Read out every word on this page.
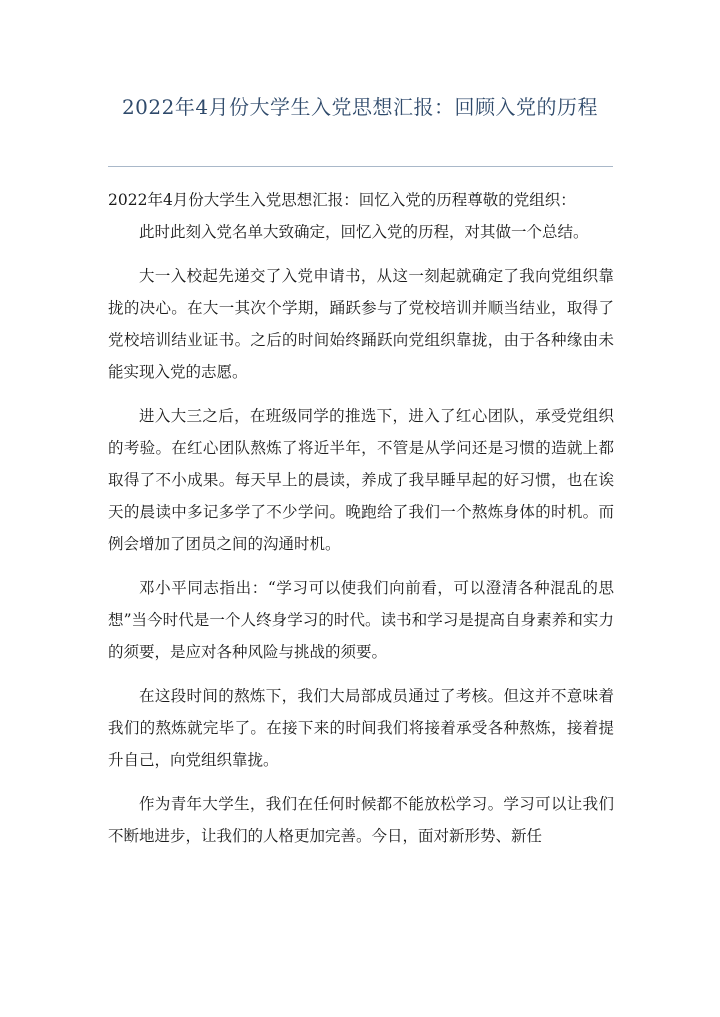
2022年4月份大学生入党思想汇报：回顾入党的历程

2022年4月份大学生入党思想汇报：回忆入党的历程尊敬的党组织：

此时此刻入党名单大致确定，回忆入党的历程，对其做一个总结。

大一入校起先递交了入党申请书，从这一刻起就确定了我向党组织靠拢的决心。在大一其次个学期，踊跃参与了党校培训并顺当结业，取得了党校培训结业证书。之后的时间始终踊跃向党组织靠拢，由于各种缘由未能实现入党的志愿。

进入大三之后，在班级同学的推选下，进入了红心团队，承受党组织的考验。在红心团队熬炼了将近半年，不管是从学问还是习惯的造就上都取得了不小成果。每天早上的晨读，养成了我早睡早起的好习惯，也在诶天的晨读中多记多学了不少学问。晚跑给了我们一个熬炼身体的时机。而例会增加了团员之间的沟通时机。

邓小平同志指出：“学习可以使我们向前看，可以澄清各种混乱的思想”当今时代是一个人终身学习的时代。读书和学习是提高自身素养和实力的须要，是应对各种风险与挑战的须要。

在这段时间的熬炼下，我们大局部成员通过了考核。但这并不意味着我们的熬炼就完毕了。在接下来的时间我们将接着承受各种熬炼，接着提升自己，向党组织靠拢。

作为青年大学生，我们在任何时候都不能放松学习。学习可以让我们不断地进步，让我们的人格更加完善。今日，面对新形势、新任
